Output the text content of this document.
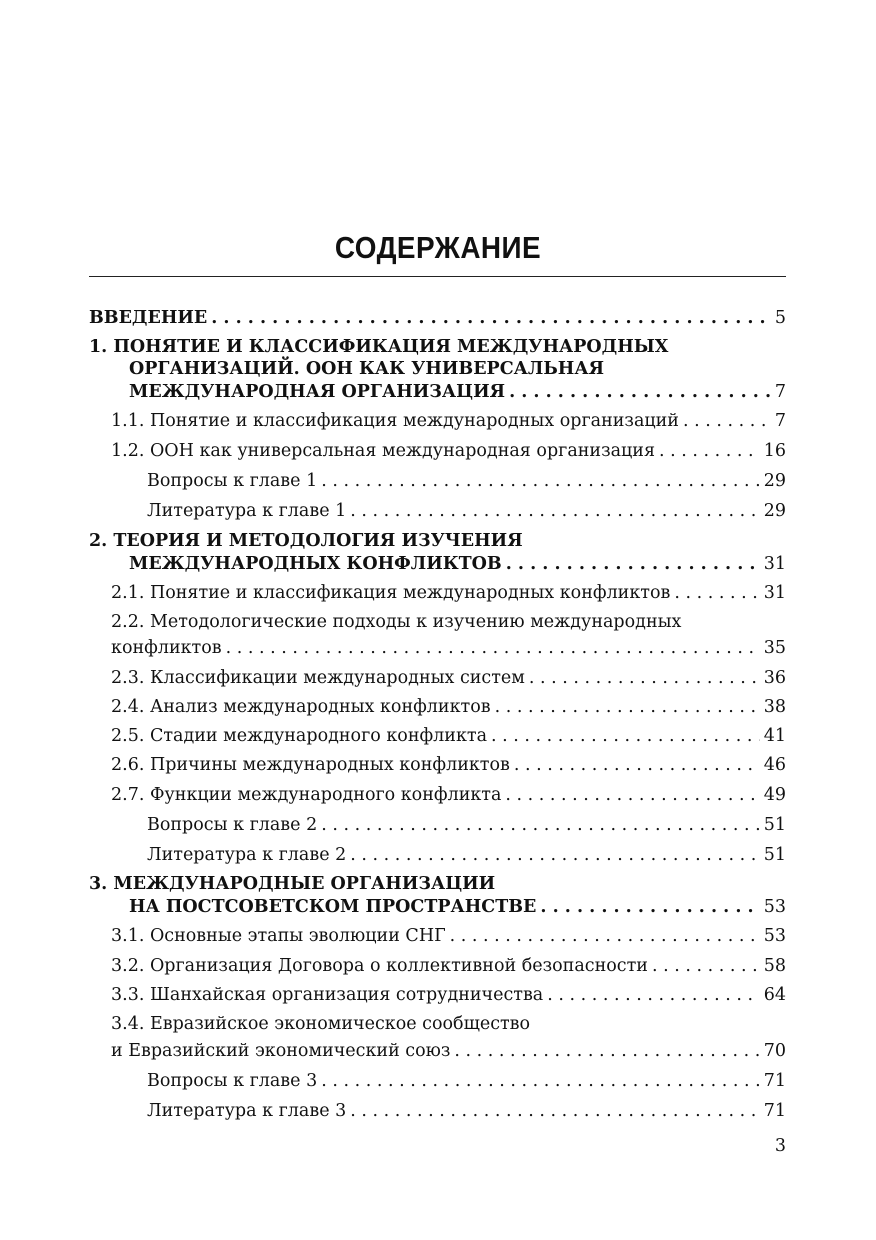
СОДЕРЖАНИЕ
ВВЕДЕНИЕ . . .	5
1. ПОНЯТИЕ И КЛАССИФИКАЦИЯ МЕЖДУНАРОДНЫХ
ОРГАНИЗАЦИЙ. ООН КАК УНИВЕРСАЛЬНАЯ
МЕЖДУНАРОДНАЯ ОРГАНИЗАЦИЯ . . .	7
1.1. Понятие и классификация международных организаций . . .	7
1.2. ООН как универсальная международная организация . . .	16
Вопросы к главе 1 . . .	29
Литература к главе 1 . . .	29
2. ТЕОРИЯ И МЕТОДОЛОГИЯ ИЗУЧЕНИЯ
МЕЖДУНАРОДНЫХ КОНФЛИКТОВ . . .	31
2.1. Понятие и классификация международных конфликтов . . .	31
2.2. Методологические подходы к изучению международных
конфликтов . . .	35
2.3. Классификации международных систем . . .	36
2.4. Анализ международных конфликтов . . .	38
2.5. Стадии международного конфликта . . .	41
2.6. Причины международных конфликтов . . .	46
2.7. Функции международного конфликта . . .	49
Вопросы к главе 2 . . .	51
Литература к главе 2 . . .	51
3. МЕЖДУНАРОДНЫЕ ОРГАНИЗАЦИИ
НА ПОСТСОВЕТСКОМ ПРОСТРАНСТВЕ . . .	53
3.1. Основные этапы эволюции СНГ . . .	53
3.2. Организация Договора о коллективной безопасности . . .	58
3.3. Шанхайская организация сотрудничества . . .	64
3.4. Евразийское экономическое сообщество
и Евразийский экономический союз . . .	70
Вопросы к главе 3 . . .	71
Литература к главе 3 . . .	71
3
